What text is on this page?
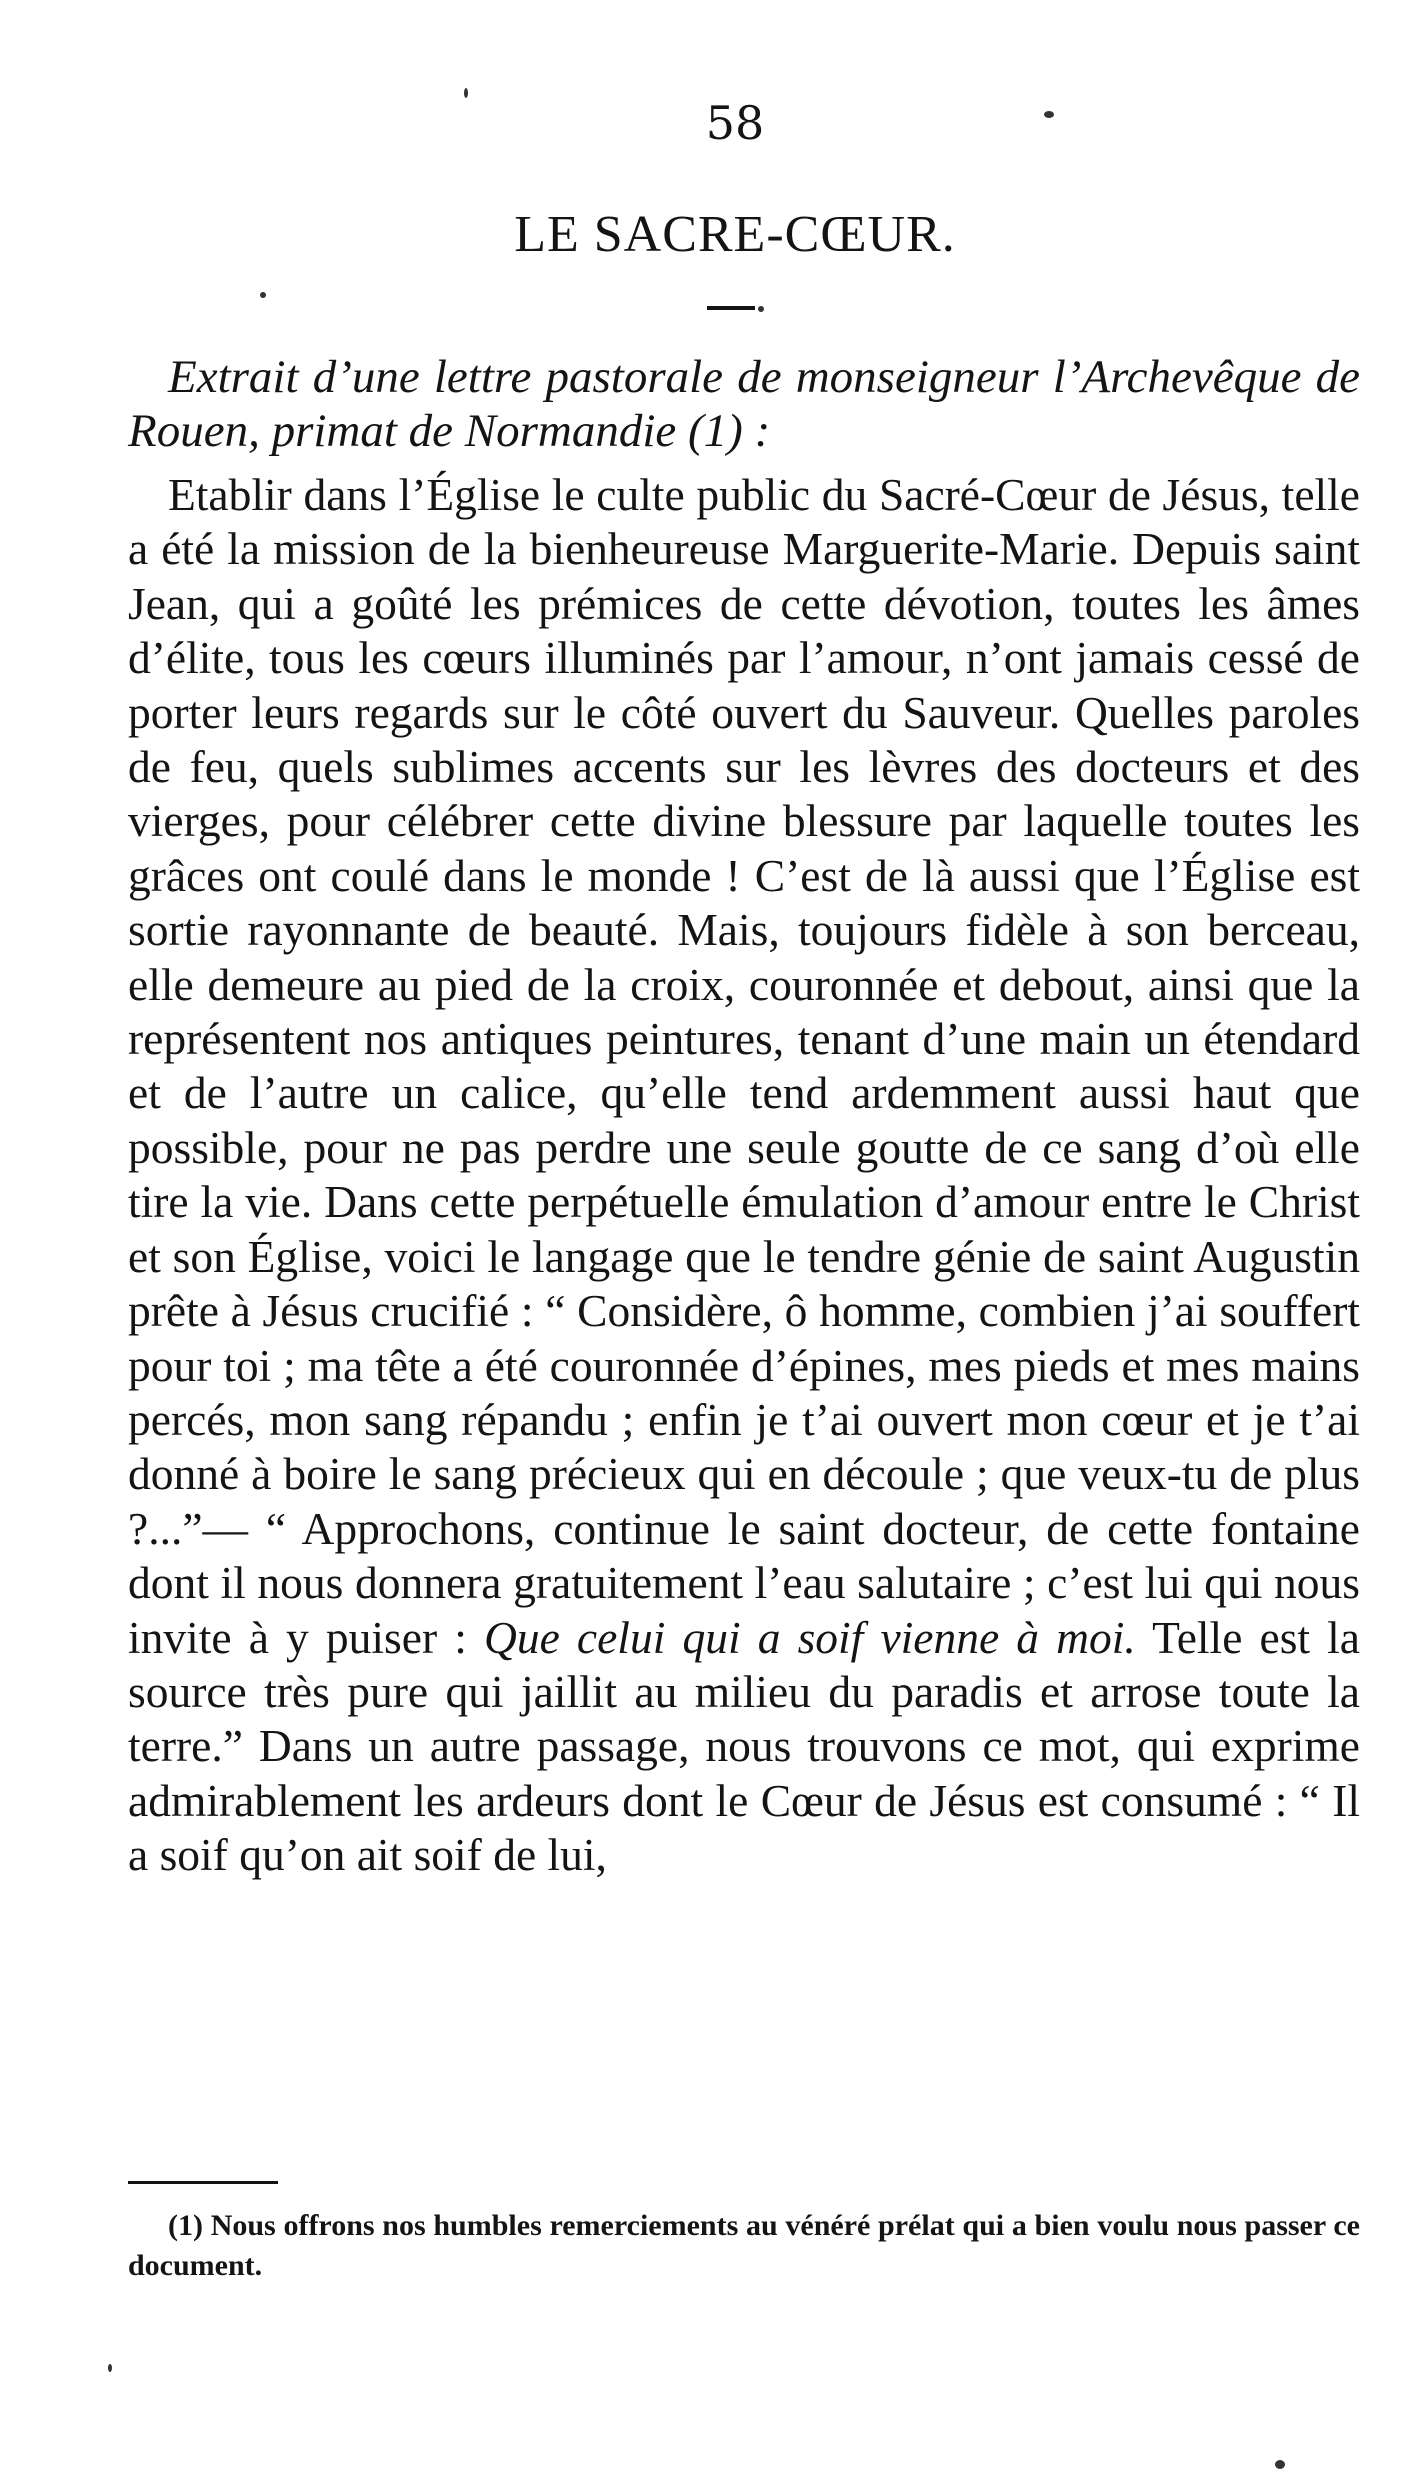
58
LE SACRE-CŒUR.
Extrait d’une lettre pastorale de monseigneur l’Archevêque de Rouen, primat de Normandie (1) :
Etablir dans l’Église le culte public du Sacré-Cœur de Jésus, telle a été la mission de la bienheureuse Marguerite-Marie. Depuis saint Jean, qui a goûté les prémices de cette dévotion, toutes les âmes d’élite, tous les cœurs illuminés par l’amour, n’ont jamais cessé de porter leurs regards sur le côté ouvert du Sauveur. Quelles paroles de feu, quels sublimes accents sur les lèvres des docteurs et des vierges, pour célébrer cette divine blessure par laquelle toutes les grâces ont coulé dans le monde ! C’est de là aussi que l’Église est sortie rayonnante de beauté. Mais, toujours fidèle à son berceau, elle demeure au pied de la croix, couronnée et debout, ainsi que la représentent nos antiques peintures, tenant d’une main un étendard et de l’autre un calice, qu’elle tend ardemment aussi haut que possible, pour ne pas perdre une seule goutte de ce sang d’où elle tire la vie. Dans cette perpétuelle émulation d’amour entre le Christ et son Église, voici le langage que le tendre génie de saint Augustin prête à Jésus crucifié : “ Considère, ô homme, combien j’ai souffert pour toi ; ma tête a été couronnée d’épines, mes pieds et mes mains percés, mon sang répandu ; enfin je t’ai ouvert mon cœur et je t’ai donné à boire le sang précieux qui en découle ; que veux-tu de plus ?...”— “ Approchons, continue le saint docteur, de cette fontaine dont il nous donnera gratuitement l’eau salutaire ; c’est lui qui nous invite à y puiser : Que celui qui a soif vienne à moi. Telle est la source très pure qui jaillit au milieu du paradis et arrose toute la terre.” Dans un autre passage, nous trouvons ce mot, qui exprime admirablement les ardeurs dont le Cœur de Jésus est consumé : “ Il a soif qu’on ait soif de lui,
(1) Nous offrons nos humbles remerciements au vénéré prélat qui a bien voulu nous passer ce document.
